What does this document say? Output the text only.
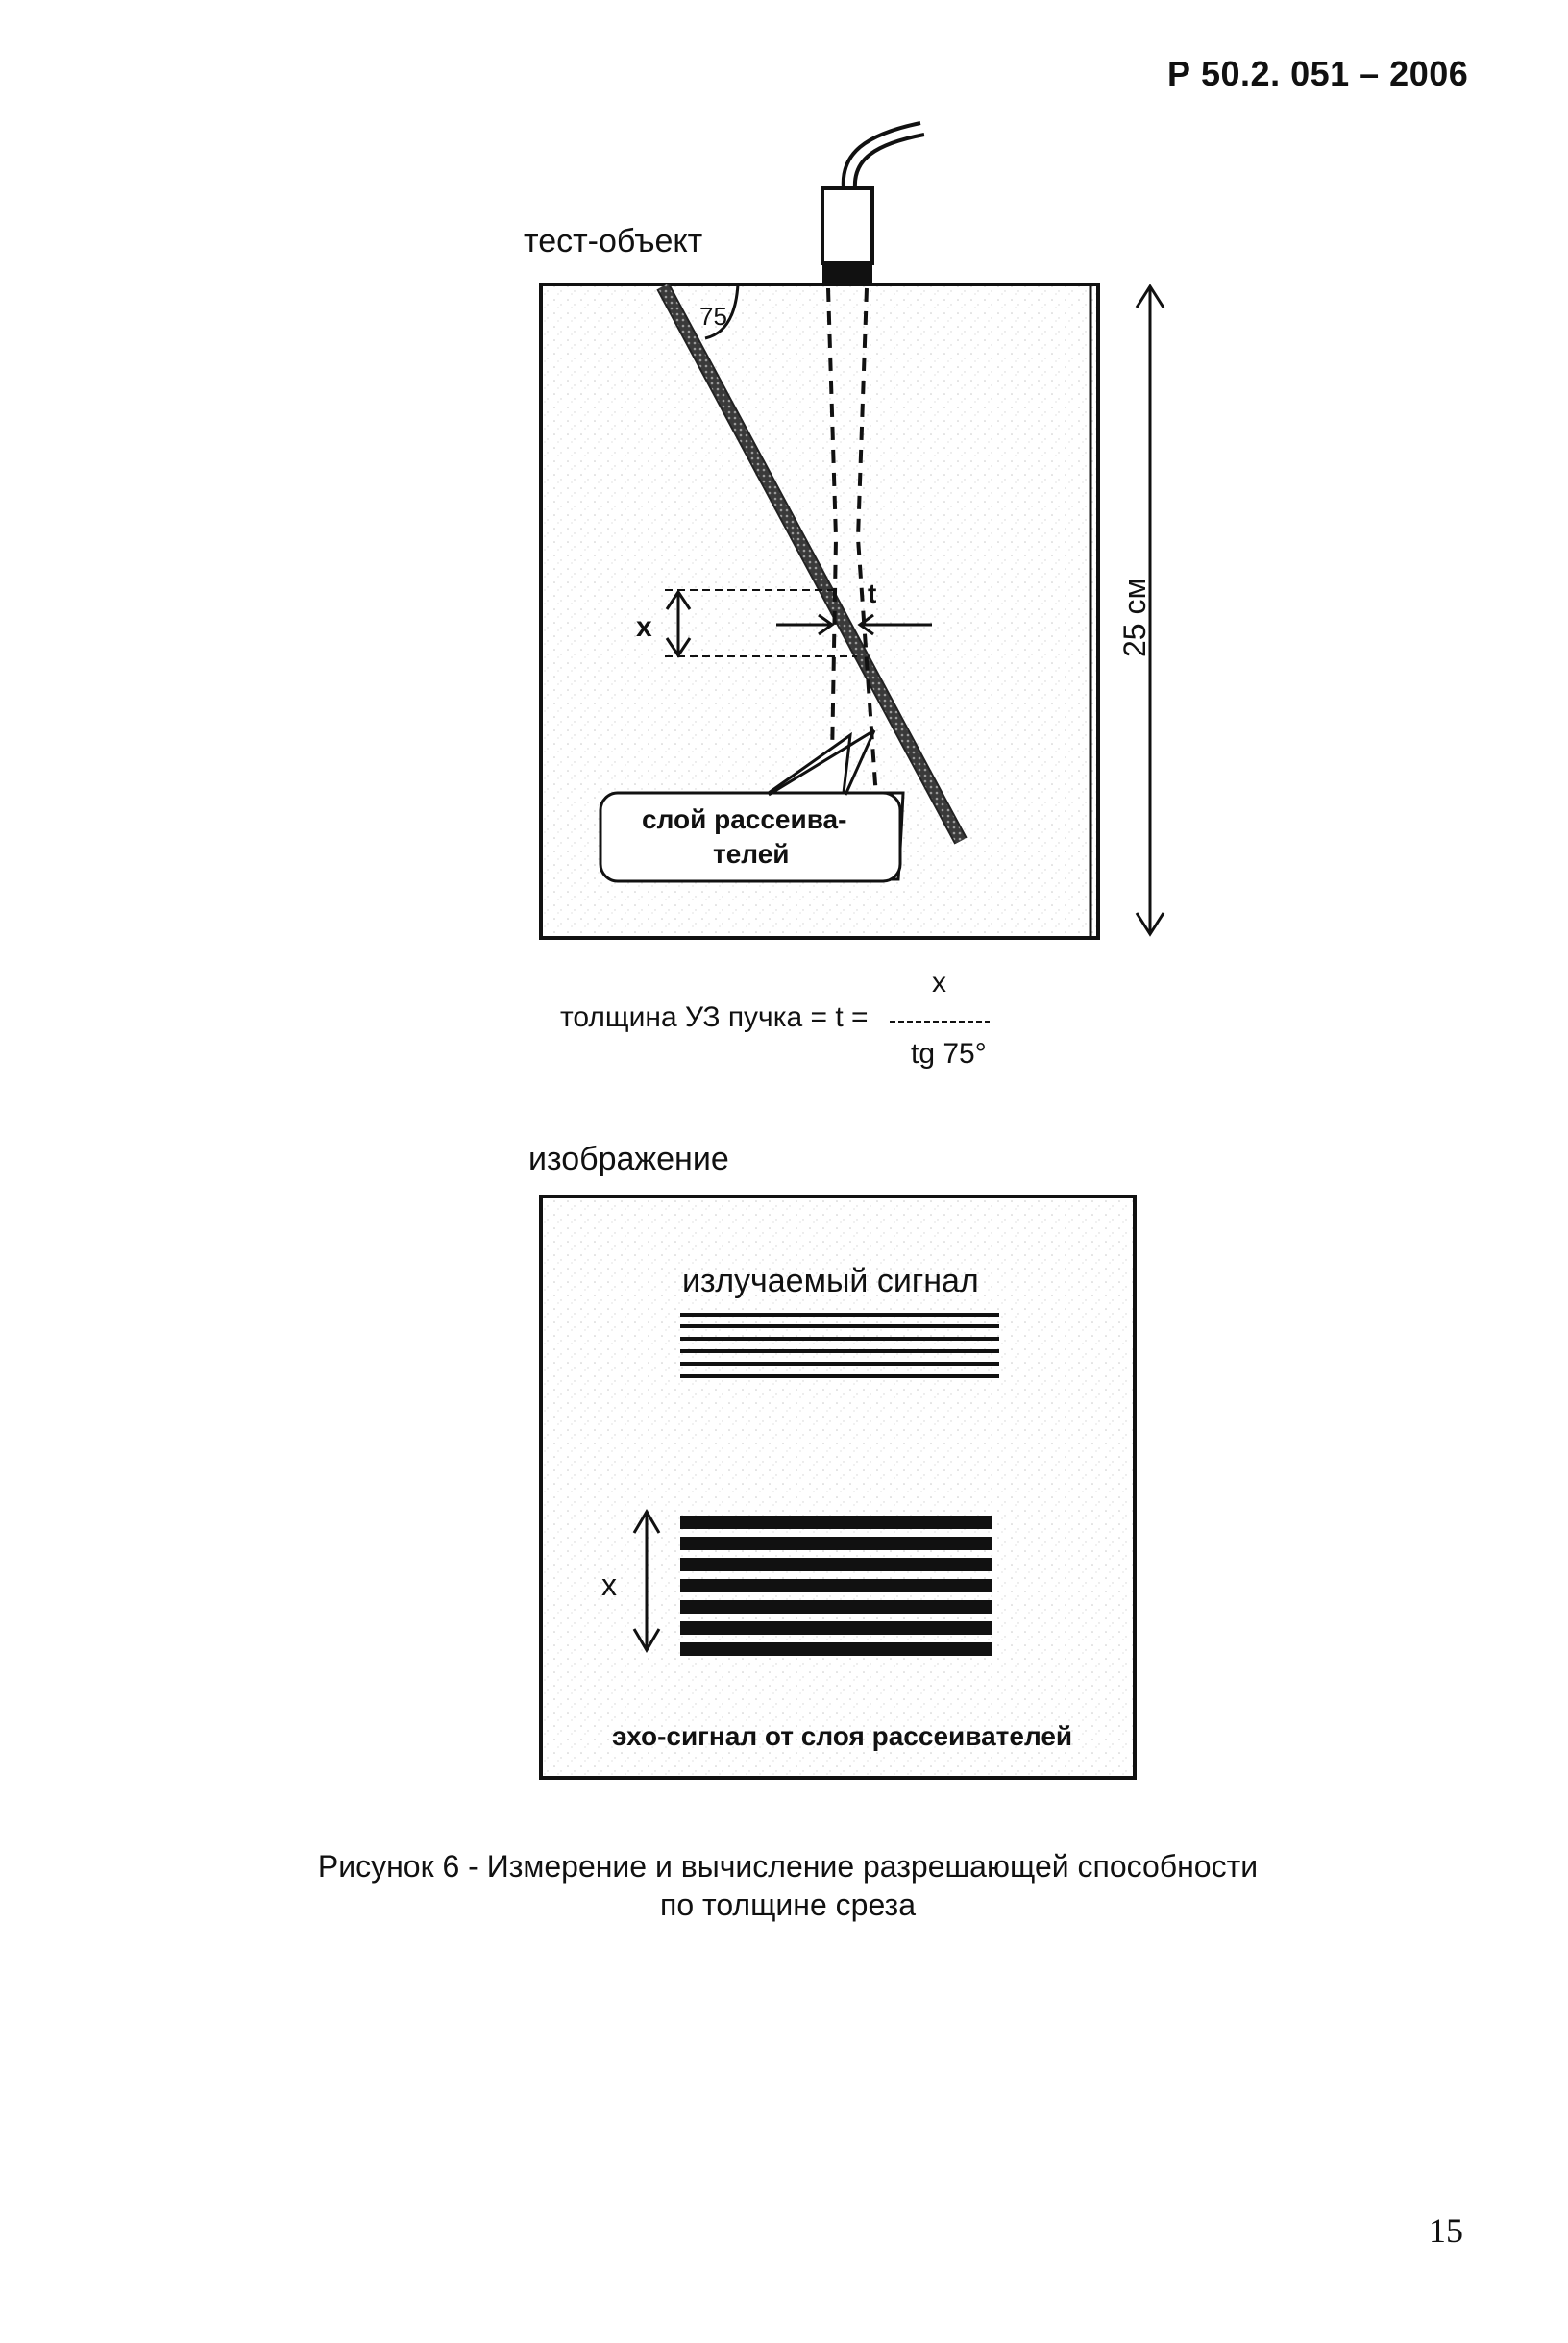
Р 50.2. 051 – 2006
тест-объект
75
x
t	25 см
слой рассеива-
телей
x
толщина УЗ пучка = t =
tg 75°
изображение
излучаемый сигнал
x
эхо-сигнал от слоя рассеивателей
Рисунок 6 - Измерение и вычисление разрешающей способности
по толщине среза
15
